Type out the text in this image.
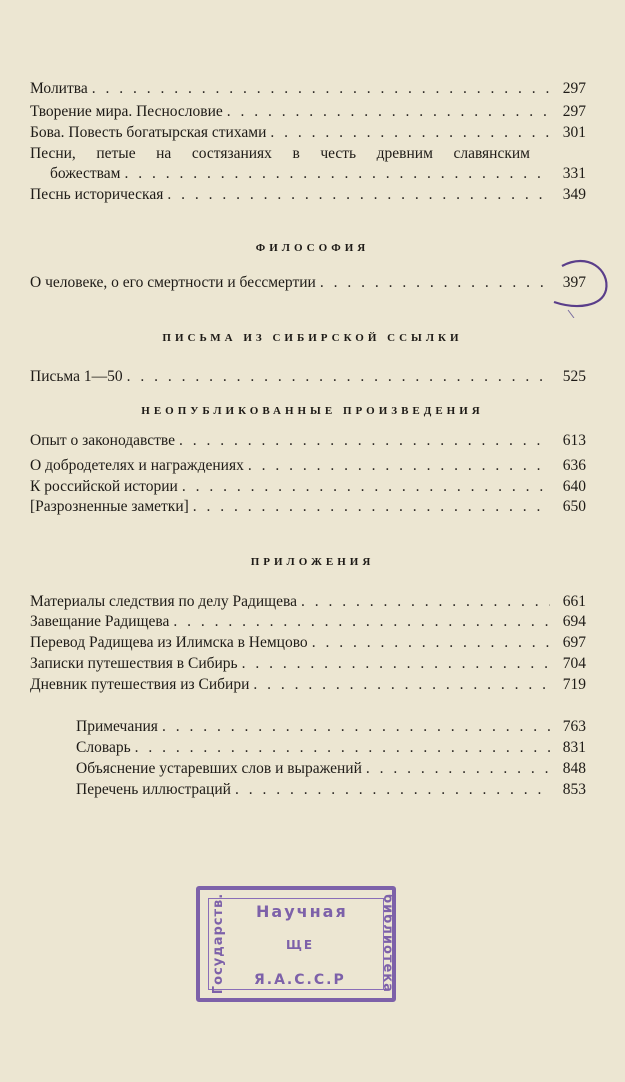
Молитва . . .	297
Творение мира. Песнословие . . .	297
Бова. Повесть богатырская стихами . . .	301
Песни, петые на состязаниях в честь древним славянским
божествам . . .	331
Песнь историческая . . .	349
ФИЛОСОФИЯ
О человеке, о его смертности и бессмертии . . .	397
ПИСЬМА ИЗ СИБИРСКОЙ ССЫЛКИ
Письма 1—50 . . .	525
НЕОПУБЛИКОВАННЫЕ ПРОИЗВЕДЕНИЯ
Опыт о законодавстве . . .	613
О добродетелях и награждениях . . .	636
К российской истории . . .	640
[Разрозненные заметки] . . .	650
ПРИЛОЖЕНИЯ
Материалы следствия по делу Радищева . . .	661
Завещание Радищева . . .	694
Перевод Радищева из Илимска в Немцово . . .	697
Записки путешествия в Сибирь . . .	704
Дневник путешествия из Сибири . . .	719
Примечания . . .	763
Словарь . . .	831
Объяснение устаревших слов и выражений . . .	848
Перечень иллюстраций . . .	853
Научная
Я.А.С.С.Р
Государств.	библиотека
ЩЕ
